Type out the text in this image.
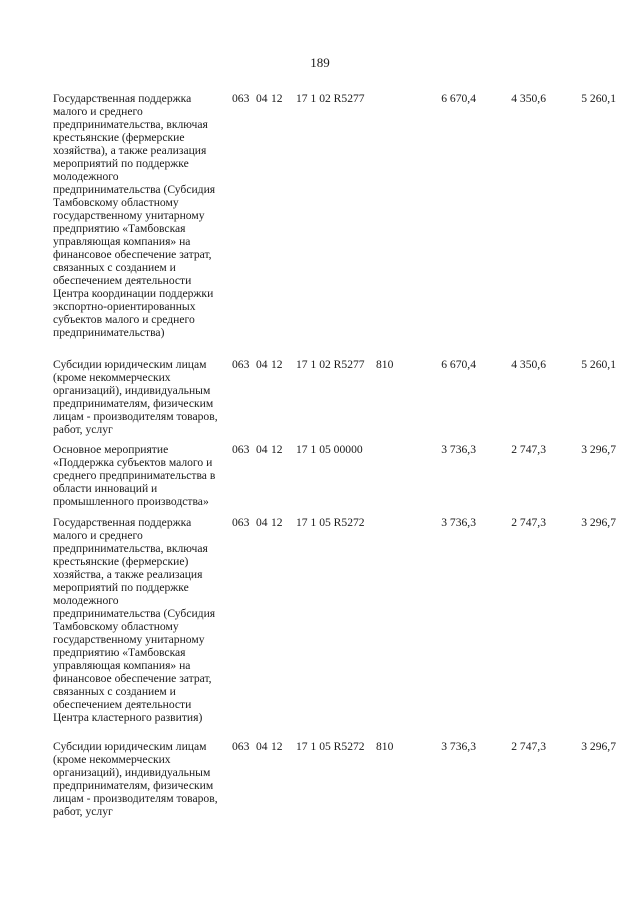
189
Государственная поддержка
малого и среднего
предпринимательства, включая
крестьянские (фермерские
хозяйства), а также реализация
мероприятий по поддержке
молодежного
предпринимательства (Субсидия
Тамбовскому областному
государственному унитарному
предприятию «Тамбовская
управляющая компания» на
финансовое обеспечение затрат,
связанных с созданием и
обеспечением деятельности
Центра координации поддержки
экспортно-ориентированных
субъектов малого и среднего
предпринимательства)
063 04 12 17 1 02 R5277	6 670,4	4 350,6	5 260,1
Субсидии юридическим лицам
(кроме некоммерческих
организаций), индивидуальным
предпринимателям, физическим
лицам - производителям товаров,
работ, услуг
063 04 12 17 1 02 R5277 810	6 670,4	4 350,6	5 260,1
Основное мероприятие
«Поддержка субъектов малого и
среднего предпринимательства в
области инноваций и
промышленного производства»
063 04 12 17 1 05 00000	3 736,3	2 747,3	3 296,7
Государственная поддержка
малого и среднего
предпринимательства, включая
крестьянские (фермерские)
хозяйства, а также реализация
мероприятий по поддержке
молодежного
предпринимательства (Субсидия
Тамбовскому областному
государственному унитарному
предприятию «Тамбовская
управляющая компания» на
финансовое обеспечение затрат,
связанных с созданием и
обеспечением деятельности
Центра кластерного развития)
063 04 12 17 1 05 R5272	3 736,3	2 747,3	3 296,7
Субсидии юридическим лицам
(кроме некоммерческих
организаций), индивидуальным
предпринимателям, физическим
лицам - производителям товаров,
работ, услуг
063 04 12 17 1 05 R5272 810	3 736,3	2 747,3	3 296,7
